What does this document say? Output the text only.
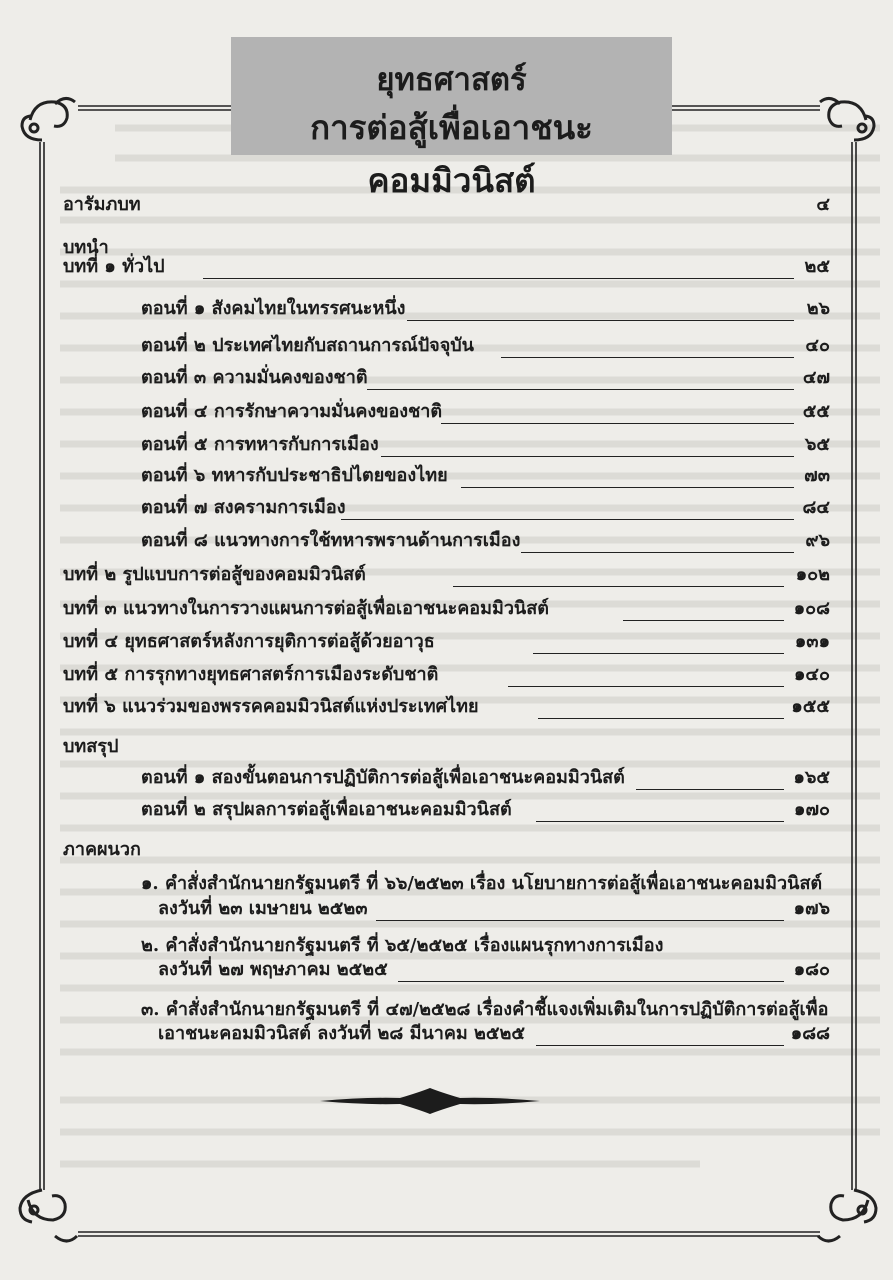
ยุทธศาสตร์
การต่อสู้เพื่อเอาชนะคอมมิวนิสต์
อารัมภบท	๔
บทนำ
บทที่ ๑ ทั่วไป	๒๕
ตอนที่ ๑ สังคมไทยในทรรศนะหนึ่ง	๒๖
ตอนที่ ๒ ประเทศไทยกับสถานการณ์ปัจจุบัน	๔๐
ตอนที่ ๓ ความมั่นคงของชาติ	๔๗
ตอนที่ ๔ การรักษาความมั่นคงของชาติ	๕๕
ตอนที่ ๕ การทหารกับการเมือง	๖๕
ตอนที่ ๖ ทหารกับประชาธิปไตยของไทย	๗๓
ตอนที่ ๗ สงครามการเมือง	๘๔
ตอนที่ ๘ แนวทางการใช้ทหารพรานด้านการเมือง	๙๖
บทที่ ๒ รูปแบบการต่อสู้ของคอมมิวนิสต์	๑๐๒
บทที่ ๓ แนวทางในการวางแผนการต่อสู้เพื่อเอาชนะคอมมิวนิสต์	๑๐๘
บทที่ ๔ ยุทธศาสตร์หลังการยุติการต่อสู้ด้วยอาวุธ	๑๓๑
บทที่ ๕ การรุกทางยุทธศาสตร์การเมืองระดับชาติ	๑๔๐
บทที่ ๖ แนวร่วมของพรรคคอมมิวนิสต์แห่งประเทศไทย	๑๕๕
บทสรุป
ตอนที่ ๑ สองขั้นตอนการปฏิบัติการต่อสู้เพื่อเอาชนะคอมมิวนิสต์	๑๖๕
ตอนที่ ๒ สรุปผลการต่อสู้เพื่อเอาชนะคอมมิวนิสต์	๑๗๐
ภาคผนวก
๑. คำสั่งสำนักนายกรัฐมนตรี ที่ ๖๖/๒๕๒๓ เรื่อง นโยบายการต่อสู้เพื่อเอาชนะคอมมิวนิสต์
ลงวันที่ ๒๓ เมษายน ๒๕๒๓	๑๗๖
๒. คำสั่งสำนักนายกรัฐมนตรี ที่ ๖๕/๒๕๒๕ เรื่องแผนรุกทางการเมือง
ลงวันที่ ๒๗ พฤษภาคม ๒๕๒๕	๑๘๐
๓. คำสั่งสำนักนายกรัฐมนตรี ที่ ๔๗/๒๕๒๘ เรื่องคำชี้แจงเพิ่มเติมในการปฏิบัติการต่อสู้เพื่อ
เอาชนะคอมมิวนิสต์ ลงวันที่ ๒๘ มีนาคม ๒๕๒๕	๑๘๘
